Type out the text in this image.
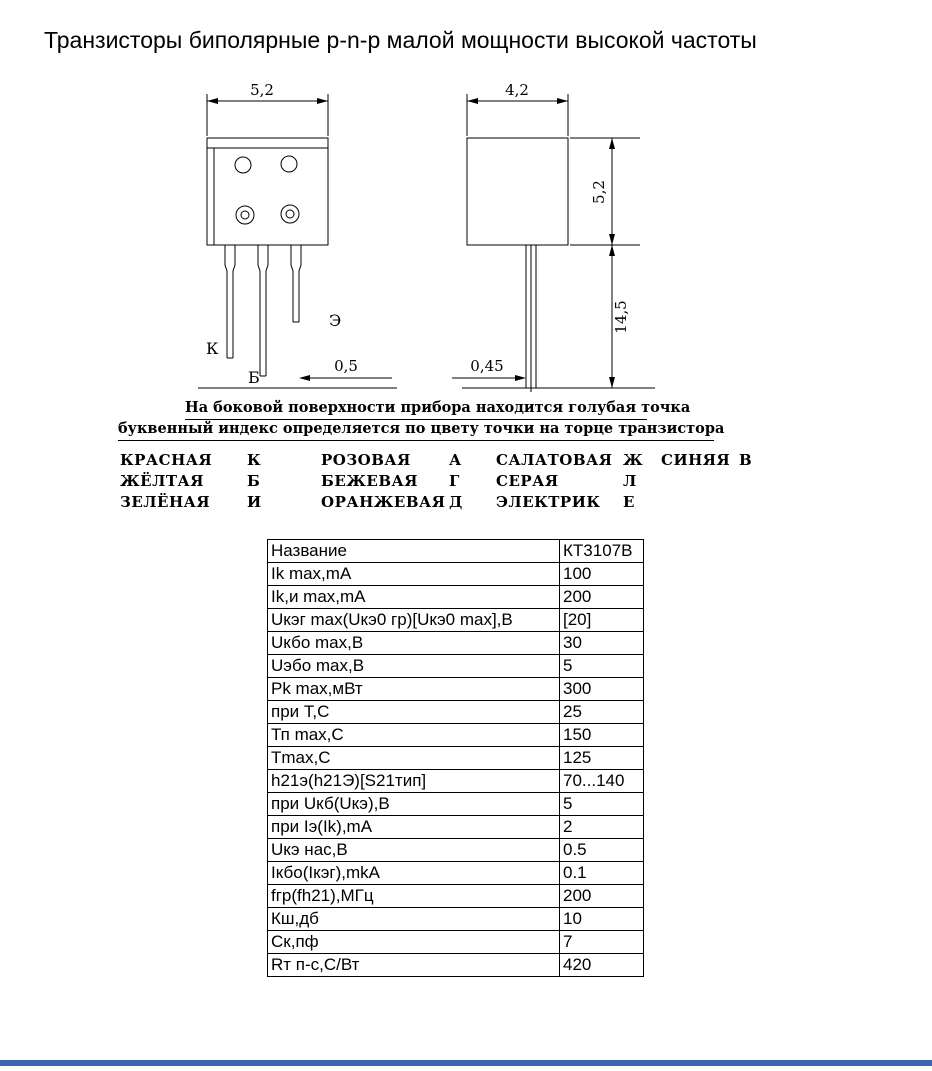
Транзисторы биполярные p-n-p малой мощности высокой частоты
5,2	4,2
5,2
14,5
0,5	0,45
К
Б
Э
На боковой поверхности прибора находится голубая точка
буквенный индекс определяется по цвету точки на торце транзистора
КРАСНАЯ	К	РОЗОВАЯ	А	САЛАТОВАЯ Ж	СИНЯЯ В
ЖЁЛТАЯ	Б	БЕЖЕВАЯ	Г	СЕРАЯ	Л
ЗЕЛЁНАЯ	И	ОРАНЖЕВАЯ Д	ЭЛЕКТРИК	Е
Название	КТ3107В
Ik max,mA	100
Ik,и max,mA	200
Uкэг max(Uкэ0 гр)[Uкэ0 max],В	[20]
Uкбо max,В	30
Uэбо max,В	5
Pk max,мВт	300
при Т,С	25
Тп max,С	150
Tmax,С	125
h21э(h21Э)[S21тип]	70...140
при Uкб(Uкэ),В	5
при Iэ(Ik),mA	2
Uкэ нас,В	0.5
Iкбо(Iкэг),mkA	0.1
fгр(fh21),МГц	200
Кш,дб	10
Ск,пф	7
Rт п-с,С/Вт	420
